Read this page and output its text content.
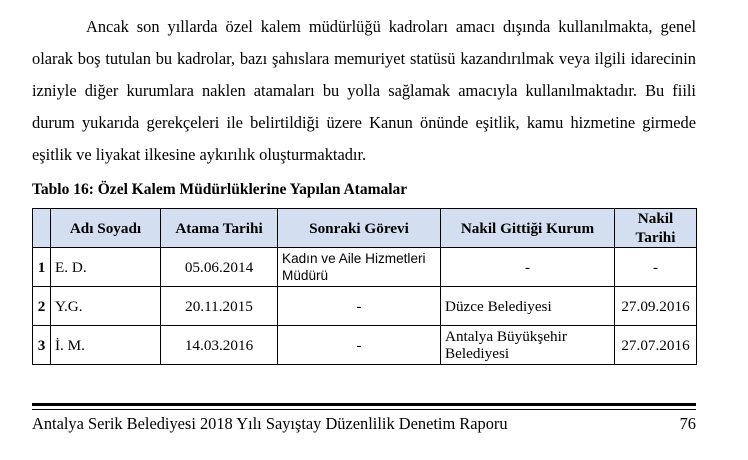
Ancak son yıllarda özel kalem müdürlüğü kadroları amacı dışında kullanılmakta, genel olarak boş tutulan bu kadrolar, bazı şahıslara memuriyet statüsü kazandırılmak veya ilgili idarecinin izniyle diğer kurumlara naklen atamaları bu yolla sağlamak amacıyla kullanılmaktadır. Bu fiili durum yukarıda gerekçeleri ile belirtildiği üzere Kanun önünde eşitlik, kamu hizmetine girmede eşitlik ve liyakat ilkesine aykırılık oluşturmaktadır.

Tablo 16: Özel Kalem Müdürlüklerine Yapılan Atamalar
	Adı Soyadı	Atama Tarihi	Sonraki Görevi	Nakil Gittiği Kurum	Nakil Tarihi
1	E. D.	05.06.2014	Kadın ve Aile Hizmetleri Müdürü	-	-
2	Y.G.	20.11.2015	-	Düzce Belediyesi	27.09.2016
3	İ. M.	14.03.2016	-	Antalya Büyükşehir Belediyesi	27.07.2016
Antalya Serik Belediyesi 2018 Yılı Sayıştay Düzenlilik Denetim Raporu	76
